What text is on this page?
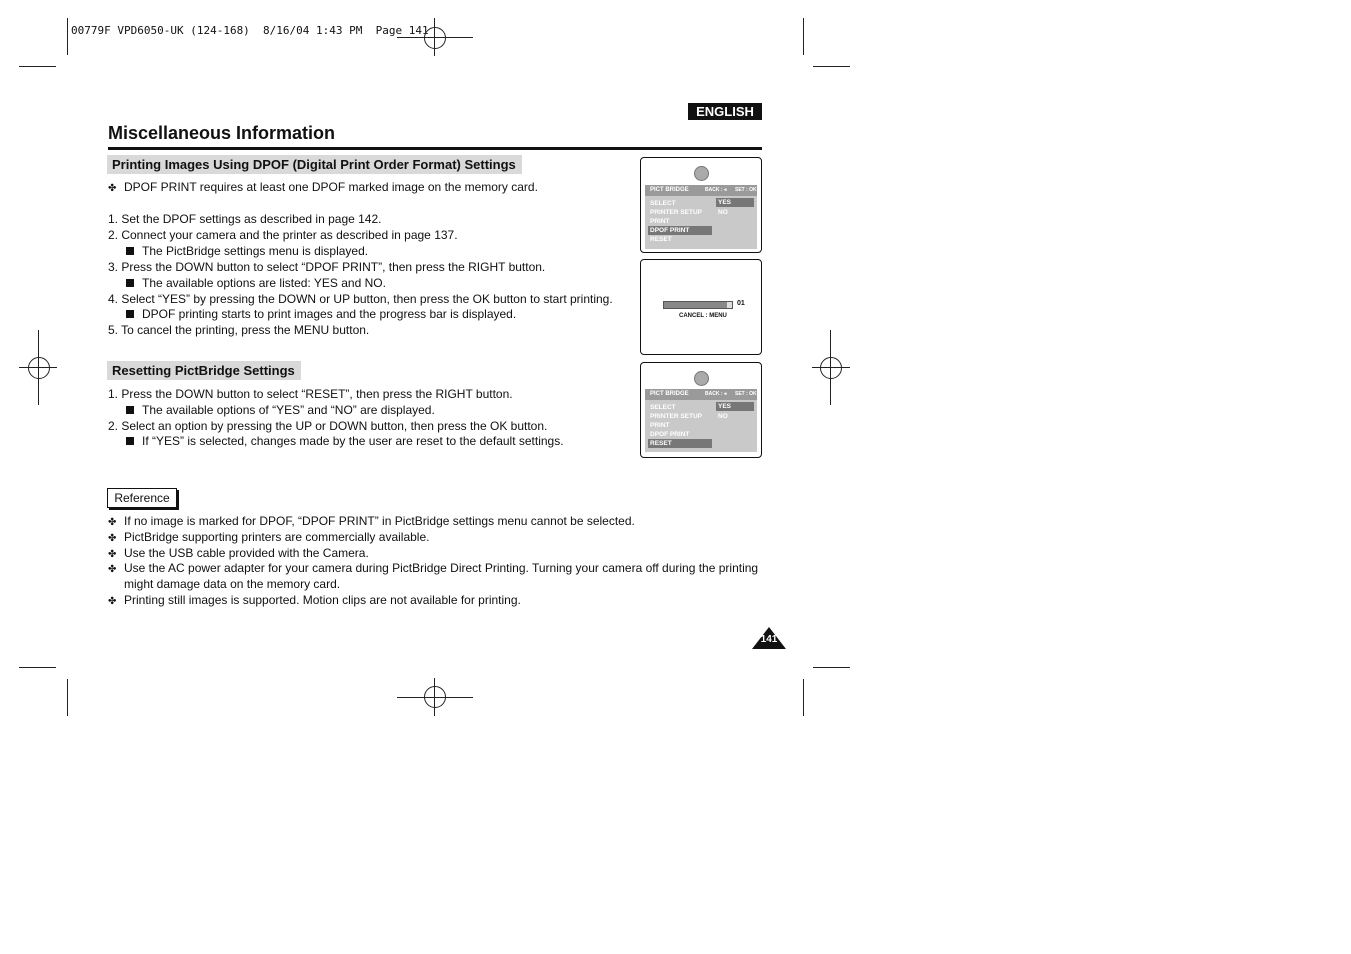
00779F VPD6050-UK (124-168)  8/16/04 1:43 PM  Page 141
ENGLISH
Miscellaneous Information
Printing Images Using DPOF (Digital Print Order Format) Settings
✤ DPOF PRINT requires at least one DPOF marked image on the memory card.
1. Set the DPOF settings as described in page 142.
2. Connect your camera and the printer as described in page 137.
The PictBridge settings menu is displayed.
3. Press the DOWN button to select “DPOF PRINT”, then press the RIGHT button.
The available options are listed: YES and NO.
4. Select “YES” by pressing the DOWN or UP button, then press the OK button to start printing.
DPOF printing starts to print images and the progress bar is displayed.
5. To cancel the printing, press the MENU button.
Resetting PictBridge Settings
1. Press the DOWN button to select “RESET”, then press the RIGHT button.
The available options of “YES” and “NO” are displayed.
2. Select an option by pressing the UP or DOWN button, then press the OK button.
If “YES” is selected, changes made by the user are reset to the default settings.
Reference
✤ If no image is marked for DPOF, “DPOF PRINT” in PictBridge settings menu cannot be selected.
✤ PictBridge supporting printers are commercially available.
✤ Use the USB cable provided with the Camera.
✤ Use the AC power adapter for your camera during PictBridge Direct Printing. Turning your camera off during the printing
might damage data on the memory card.
✤ Printing still images is supported. Motion clips are not available for printing.
PICT BRIDGE	BACK : ◂ SET : OK
SELECT
PRINTER SETUP
PRINT
DPOF PRINT
RESET
YES
NO
01
CANCEL : MENU
PICT BRIDGE	BACK : ◂ SET : OK
SELECT
PRINTER SETUP
PRINT
DPOF PRINT
RESET
YES
NO
141
